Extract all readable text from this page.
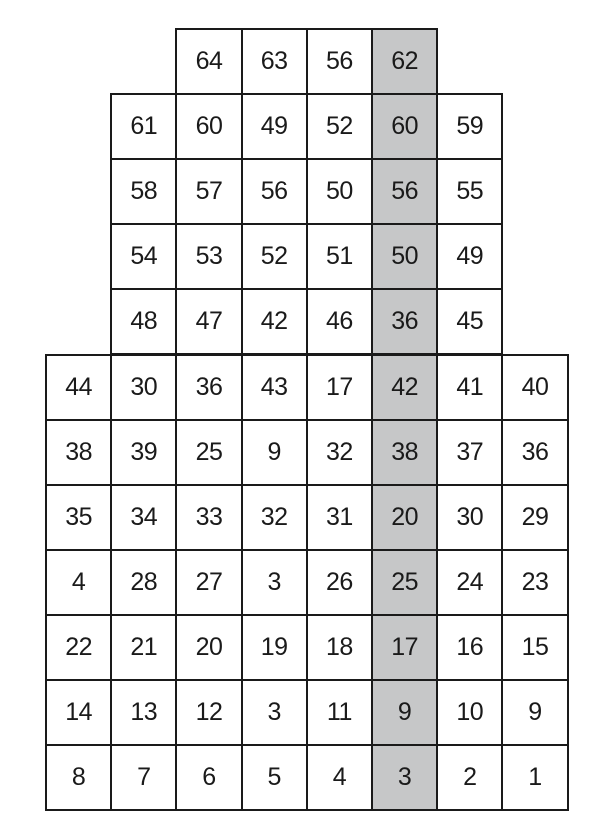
64 63 56 62
61 60 49 52 60 59
58 57 56 50 56 55
54 53 52 51 50 49
48 47 42 46 36 45
44 30 36 43 17 42 41 40
38 39 25 9 32 38 37 36
35 34 33 32 31 20 30 29
4 28 27 3 26 25 24 23
22 21 20 19 18 17 16 15
14 13 12 3 11 9 10 9
8 7 6 5 4 3 2 1
